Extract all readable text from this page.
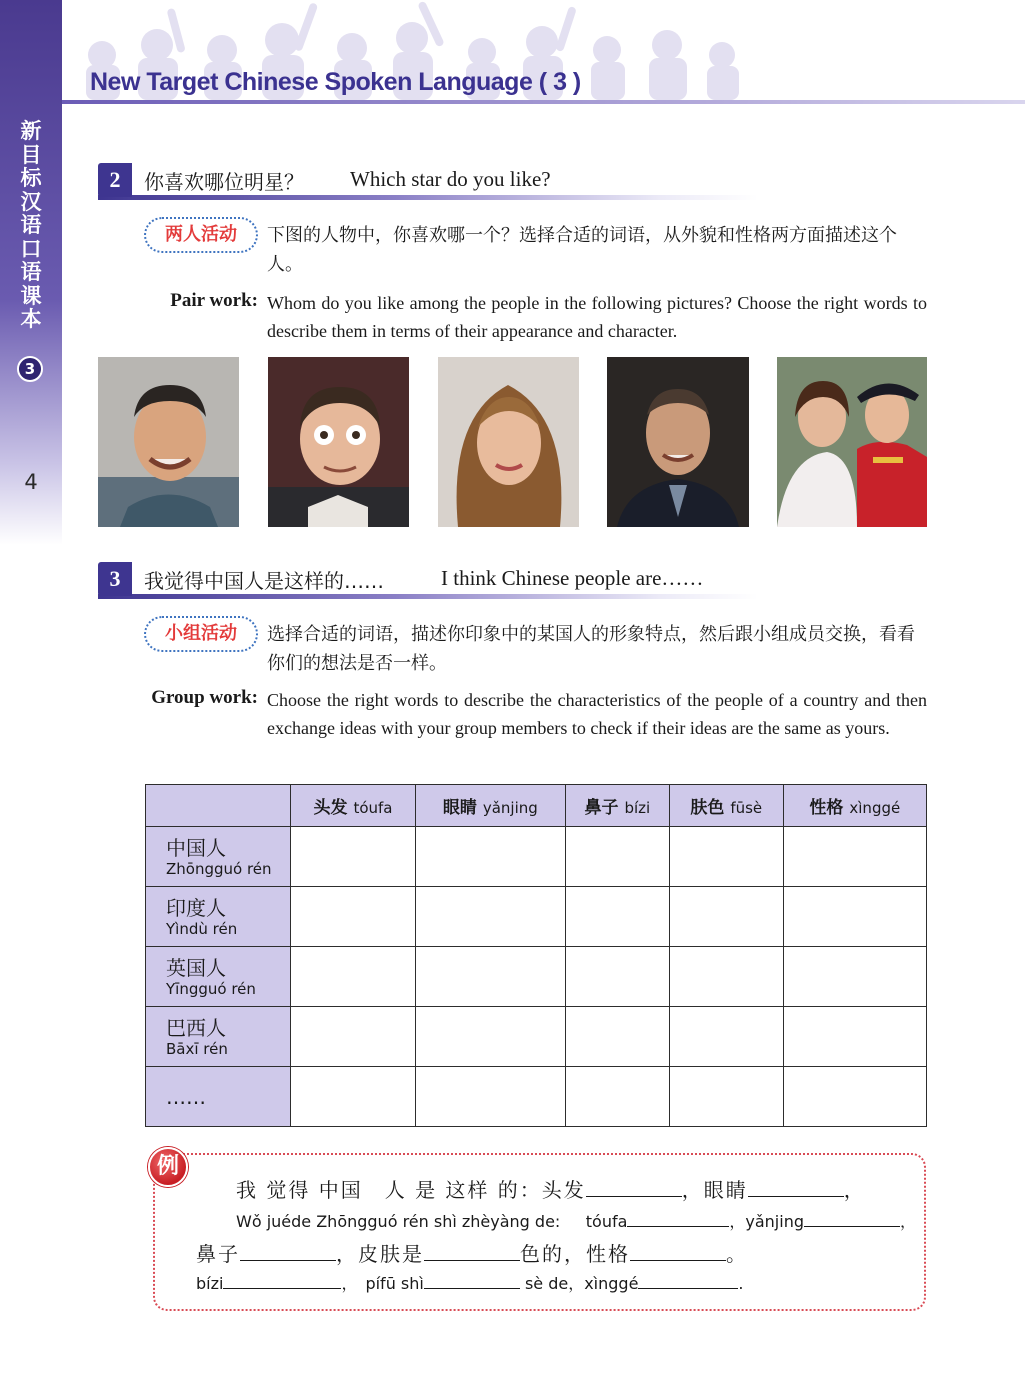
新
目
标
汉
语
口
语
课
本
3
4
New Target Chinese Spoken Language ( 3 )
2	你喜欢哪位明星？ Which star do you like?
两人活动	下图的人物中，你喜欢哪一个？选择合适的词语，从外貌和性格两方面描述这个人。
Pair work: Whom do you like among the people in the following pictures? Choose the right words to describe them in terms of their appearance and character.
3	我觉得中国人是这样的……	I think Chinese people are……
小组活动	选择合适的词语，描述你印象中的某国人的形象特点，然后跟小组成员交换，看看你们的想法是否一样。
Group work: Choose the right words to describe the characteristics of the people of a country and then exchange ideas with your group members to check if their ideas are the same as yours.
	头发 tóufa	眼睛 yǎnjing	鼻子 bízi	肤色 fūsè	性格 xìnggé

中国人
Zhōngguó rén					

印度人
Yìndù rén					

英国人
Yīngguó rén					

巴西人
Bāxī rén					

……					
例
我 觉得 中国　人 是 这样 的：头发	，眼睛	，
Wǒ juéde Zhōngguó rén shì zhèyàng de: tóufa	，yǎnjing	，
鼻子	，皮肤是	色的，性格	。
bízi	，　pífū shì	sè de，xìnggé	.
